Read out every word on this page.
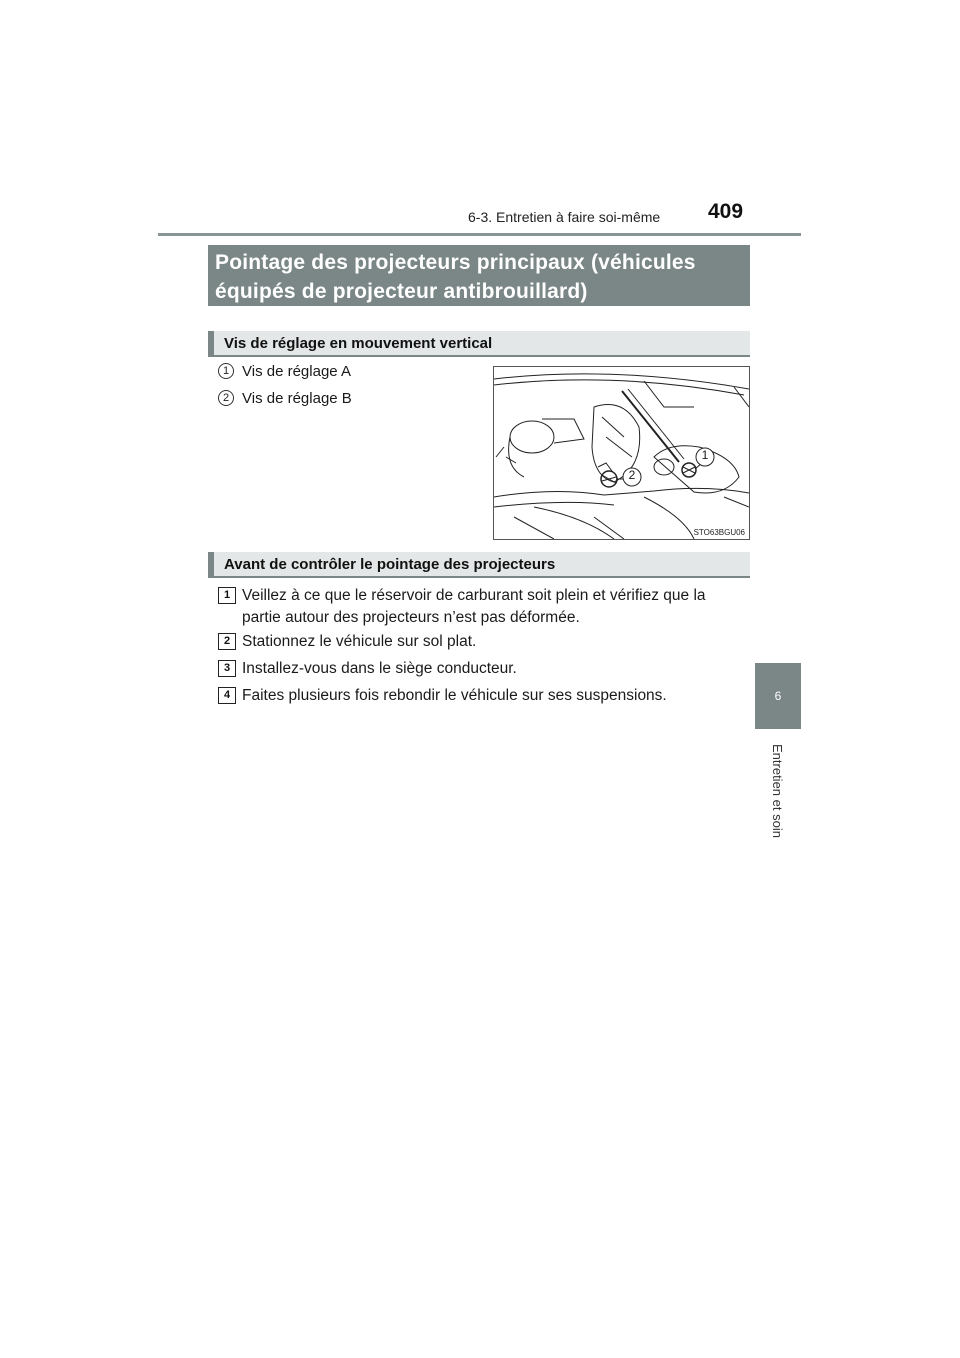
6-3. Entretien à faire soi-même 409
6
Entretien et soin
Pointage des projecteurs principaux (véhicules
équipés de projecteur antibrouillard)
Vis de réglage en mouvement vertical
1 Vis de réglage A
2 Vis de réglage B
1
2
STO63BGU06
Avant de contrôler le pointage des projecteurs
1 Veillez à ce que le réservoir de carburant soit plein et vérifiez que la
partie autour des projecteurs n’est pas déformée.
2 Stationnez le véhicule sur sol plat.
3 Installez-vous dans le siège conducteur.
4 Faites plusieurs fois rebondir le véhicule sur ses suspensions.
